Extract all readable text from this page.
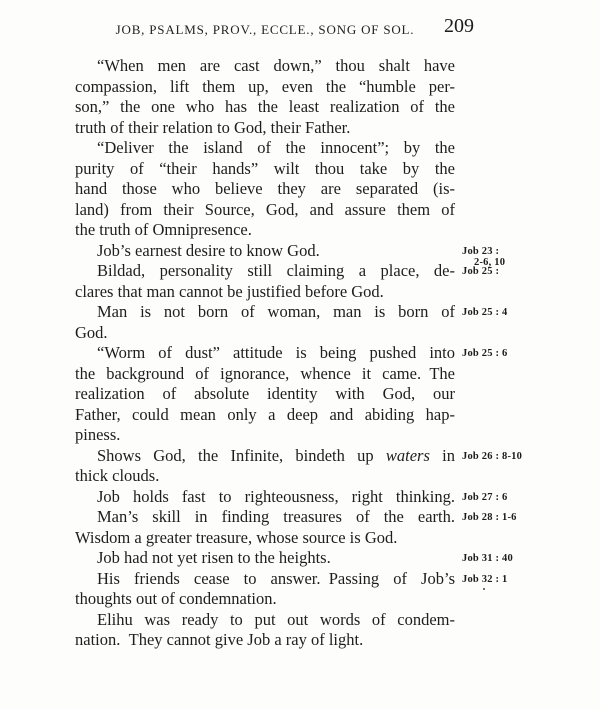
JOB, PSALMS, PROV., ECCLE., SONG OF SOL.	209
“When men are cast down,” thou shalt have
compassion, lift them up, even the “humble per-
son,” the one who has the least realization of the
truth of their relation to God, their Father.
“Deliver the island of the innocent”; by the
purity of “their hands” wilt thou take by the
hand those who believe they are separated (is-
land) from their Source, God, and assure them of
the truth of Omnipresence.
Job’s earnest desire to know God.	Job 23 :
2-6, 10
Bildad, personality still claiming a place, de-
clares that man cannot be justified before God.
Job 25 :
Man is not born of woman, man is born of
God.
Job 25 : 4
“Worm of dust” attitude is being pushed into
the background of ignorance, whence it came. The
realization of absolute identity with God, our
Father, could mean only a deep and abiding hap-
piness.
Job 25 : 6
Shows God, the Infinite, bindeth up waters in
thick clouds.
Job 26 : 8-10
Job holds fast to righteousness, right thinking. Job 27 : 6
Man’s skill in finding treasures of the earth.
Wisdom a greater treasure, whose source is God.
Job 28 : 1-6
Job had not yet risen to the heights.	Job 31 : 40
His friends cease to answer. Passing of Job’s
thoughts out of condemnation.
Job 32 : 1
Elihu was ready to put out words of condem-
nation. They cannot give Job a ray of light.
